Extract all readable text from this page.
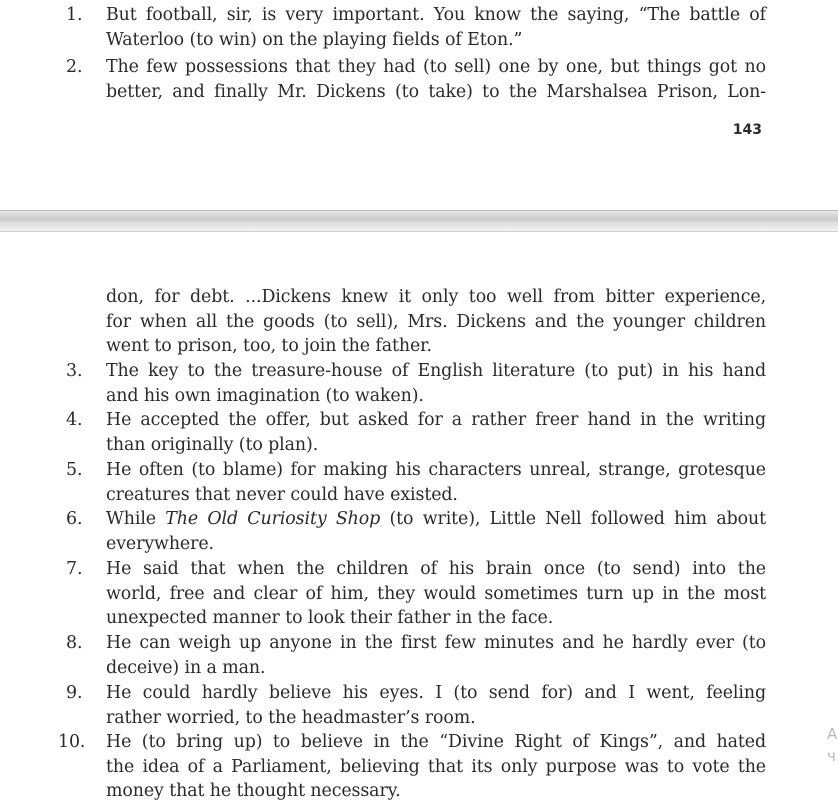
1.	But football, sir, is very important. You know the saying, “The battle of
Waterloo (to win) on the playing fields of Eton.”
2.	The few possessions that they had (to sell) one by one, but things got no
better, and finally Mr. Dickens (to take) to the Marshalsea Prison, Lon-
143
don, for debt. ...Dickens knew it only too well from bitter experience,
for when all the goods (to sell), Mrs. Dickens and the younger children
went to prison, too, to join the father.
3.	The key to the treasure-house of English literature (to put) in his hand
and his own imagination (to waken).
4.	He accepted the offer, but asked for a rather freer hand in the writing
than originally (to plan).
5.	He often (to blame) for making his characters unreal, strange, grotesque
creatures that never could have existed.
6.	While The Old Curiosity Shop (to write), Little Nell followed him about
everywhere.
7.	He said that when the children of his brain once (to send) into the
world, free and clear of him, they would sometimes turn up in the most
unexpected manner to look their father in the face.
8.	He can weigh up anyone in the first few minutes and he hardly ever (to
deceive) in a man.
9.	He could hardly believe his eyes. I (to send for) and I went, feeling
rather worried, to the headmaster’s room.
10. He (to bring up) to believe in the “Divine Right of Kings”, and hated
the idea of a Parliament, believing that its only purpose was to vote the
money that he thought necessary.
A
ч
